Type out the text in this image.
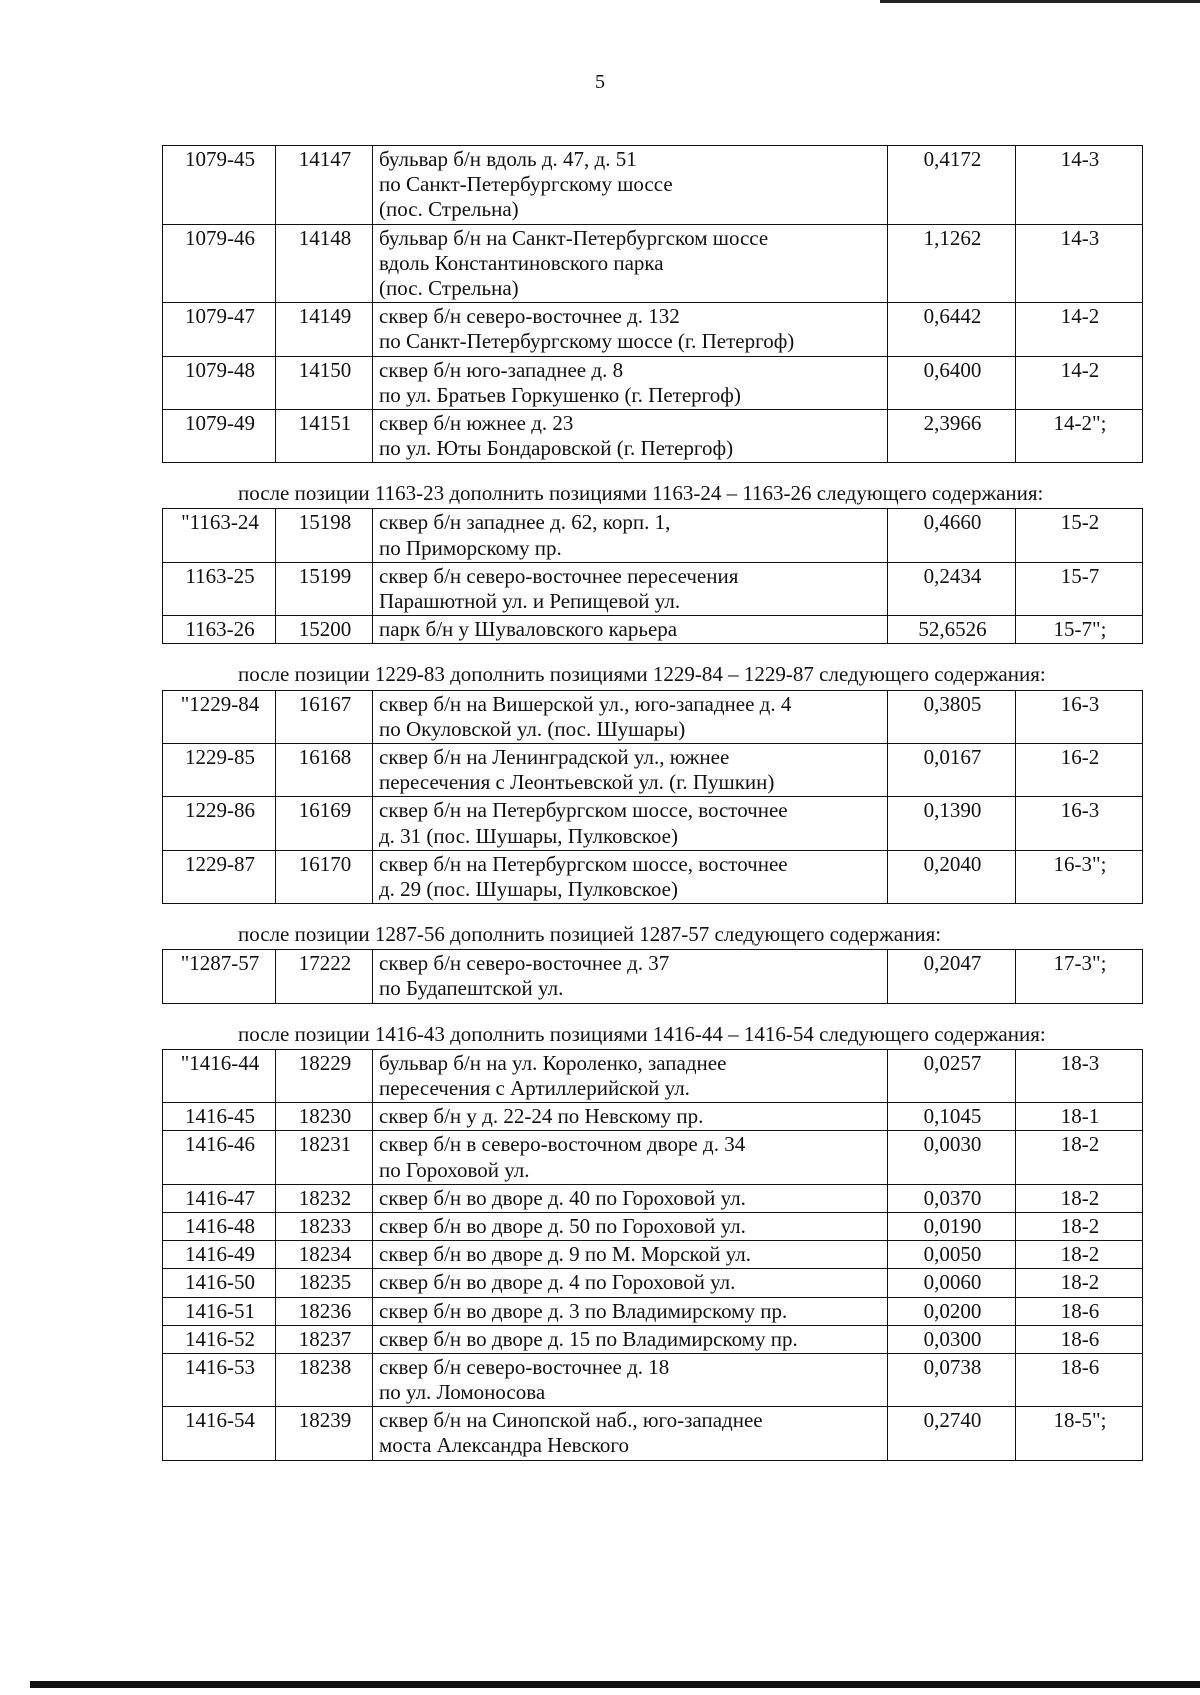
5
1079-45	14147	бульвар б/н вдоль д. 47, д. 51
по Санкт-Петербургскому шоссе
(пос. Стрельна)	0,4172	14-3
1079-46	14148	бульвар б/н на Санкт-Петербургском шоссе
вдоль Константиновского парка
(пос. Стрельна)	1,1262	14-3
1079-47	14149	сквер б/н северо-восточнее д. 132
по Санкт-Петербургскому шоссе (г. Петергоф)	0,6442	14-2
1079-48	14150	сквер б/н юго-западнее д. 8
по ул. Братьев Горкушенко (г. Петергоф)	0,6400	14-2
1079-49	14151	сквер б/н южнее д. 23
по ул. Юты Бондаровской (г. Петергоф)	2,3966	14-2";

после позиции 1163-23 дополнить позициями 1163-24 – 1163-26 следующего содержания:

"1163-24	15198	сквер б/н западнее д. 62, корп. 1,
по Приморскому пр.	0,4660	15-2
1163-25	15199	сквер б/н северо-восточнее пересечения
Парашютной ул. и Репищевой ул.	0,2434	15-7
1163-26	15200	парк б/н у Шуваловского карьера	52,6526	15-7";

после позиции 1229-83 дополнить позициями 1229-84 – 1229-87 следующего содержания:

"1229-84	16167	сквер б/н на Вишерской ул., юго-западнее д. 4
по Окуловской ул. (пос. Шушары)	0,3805	16-3
1229-85	16168	сквер б/н на Ленинградской ул., южнее
пересечения с Леонтьевской ул. (г. Пушкин)	0,0167	16-2
1229-86	16169	сквер б/н на Петербургском шоссе, восточнее
д. 31 (пос. Шушары, Пулковское)	0,1390	16-3
1229-87	16170	сквер б/н на Петербургском шоссе, восточнее
д. 29 (пос. Шушары, Пулковское)	0,2040	16-3";

после позиции 1287-56 дополнить позицией 1287-57 следующего содержания:

"1287-57	17222	сквер б/н северо-восточнее д. 37
по Будапештской ул.
	0,2047	17-3";

после позиции 1416-43 дополнить позициями 1416-44 – 1416-54 следующего содержания:

"1416-44	18229	бульвар б/н на ул. Короленко, западнее
пересечения с Артиллерийской ул.	0,0257	18-3
1416-45	18230	сквер б/н у д. 22-24 по Невскому пр.	0,1045	18-1
1416-46	18231	сквер б/н в северо-восточном дворе д. 34
по Гороховой ул.	0,0030	18-2
1416-47	18232	сквер б/н во дворе д. 40 по Гороховой ул.	0,0370	18-2
1416-48	18233	сквер б/н во дворе д. 50 по Гороховой ул.	0,0190	18-2
1416-49	18234	сквер б/н во дворе д. 9 по М. Морской ул.	0,0050	18-2
1416-50	18235	сквер б/н во дворе д. 4 по Гороховой ул.	0,0060	18-2
1416-51	18236	сквер б/н во дворе д. 3 по Владимирскому пр.	0,0200	18-6
1416-52	18237	сквер б/н во дворе д. 15 по Владимирскому пр.	0,0300	18-6
1416-53	18238	сквер б/н северо-восточнее д. 18
по ул. Ломоносова	0,0738	18-6
1416-54	18239	сквер б/н на Синопской наб., юго-западнее
моста Александра Невского	0,2740	18-5";
